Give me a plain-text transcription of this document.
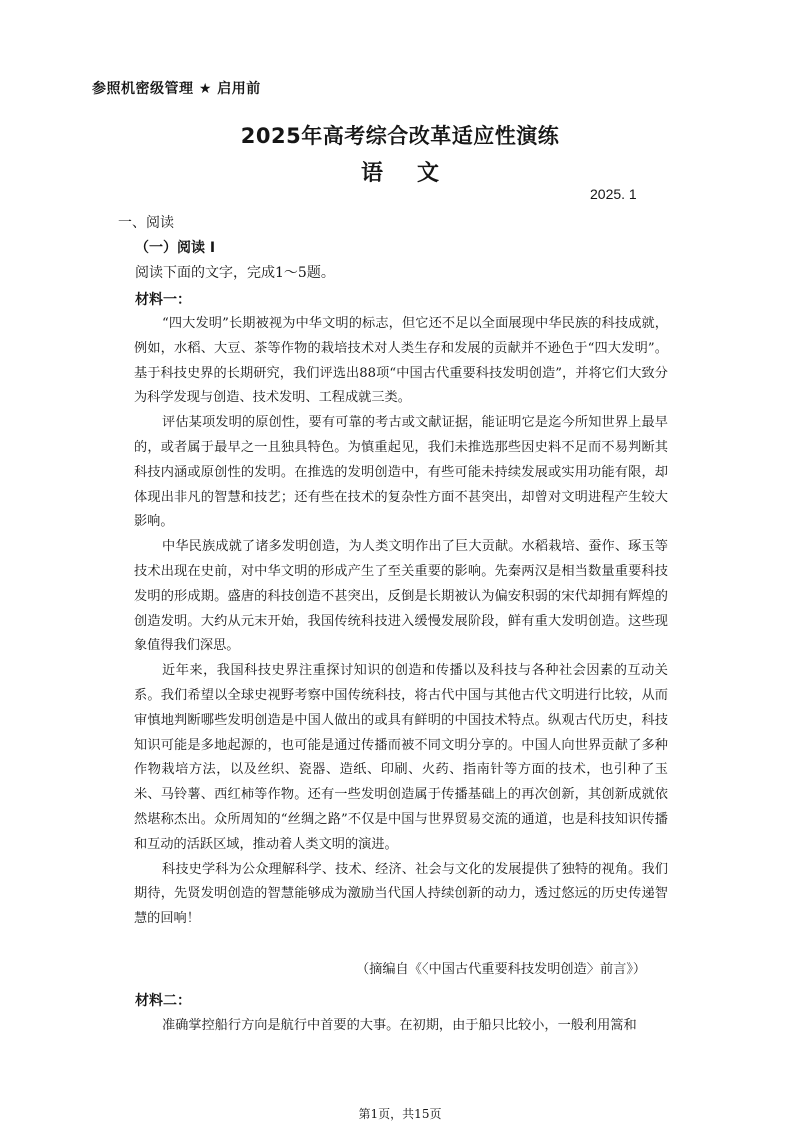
参照机密级管理 ★ 启用前
2025年高考综合改革适应性演练
语文
2025. 1
一、阅读
（一）阅读 I
阅读下面的文字，完成1～5题。
材料一：

“四大发明”长期被视为中华文明的标志，但它还不足以全面展现中华民族的科技成就，例如，水稻、大豆、茶等作物的栽培技术对人类生存和发展的贡献并不逊色于“四大发明”。基于科技史界的长期研究，我们评选出88项“中国古代重要科技发明创造”，并将它们大致分为科学发现与创造、技术发明、工程成就三类。

评估某项发明的原创性，要有可靠的考古或文献证据，能证明它是迄今所知世界上最早的，或者属于最早之一且独具特色。为慎重起见，我们未推选那些因史料不足而不易判断其科技内涵或原创性的发明。在推选的发明创造中，有些可能未持续发展或实用功能有限，却体现出非凡的智慧和技艺；还有些在技术的复杂性方面不甚突出，却曾对文明进程产生较大影响。

中华民族成就了诸多发明创造，为人类文明作出了巨大贡献。水稻栽培、蚕作、琢玉等技术出现在史前，对中华文明的形成产生了至关重要的影响。先秦两汉是相当数量重要科技发明的形成期。盛唐的科技创造不甚突出，反倒是长期被认为偏安积弱的宋代却拥有辉煌的创造发明。大约从元末开始，我国传统科技进入缓慢发展阶段，鲜有重大发明创造。这些现象值得我们深思。

近年来，我国科技史界注重探讨知识的创造和传播以及科技与各种社会因素的互动关系。我们希望以全球史视野考察中国传统科技，将古代中国与其他古代文明进行比较，从而审慎地判断哪些发明创造是中国人做出的或具有鲜明的中国技术特点。纵观古代历史，科技知识可能是多地起源的，也可能是通过传播而被不同文明分享的。中国人向世界贡献了多种作物栽培方法，以及丝织、瓷器、造纸、印刷、火药、指南针等方面的技术，也引种了玉米、马铃薯、西红柿等作物。还有一些发明创造属于传播基础上的再次创新，其创新成就依然堪称杰出。众所周知的“丝绸之路”不仅是中国与世界贸易交流的通道，也是科技知识传播和互动的活跃区域，推动着人类文明的演进。

科技史学科为公众理解科学、技术、经济、社会与文化的发展提供了独特的视角。我们期待，先贤发明创造的智慧能够成为激励当代国人持续创新的动力，透过悠远的历史传递智慧的回响！

（摘编自《〈中国古代重要科技发明创造〉前言》）
材料二：

准确掌控船行方向是航行中首要的大事。在初期，由于船只比较小，一般利用篙和

第1页，共15页
